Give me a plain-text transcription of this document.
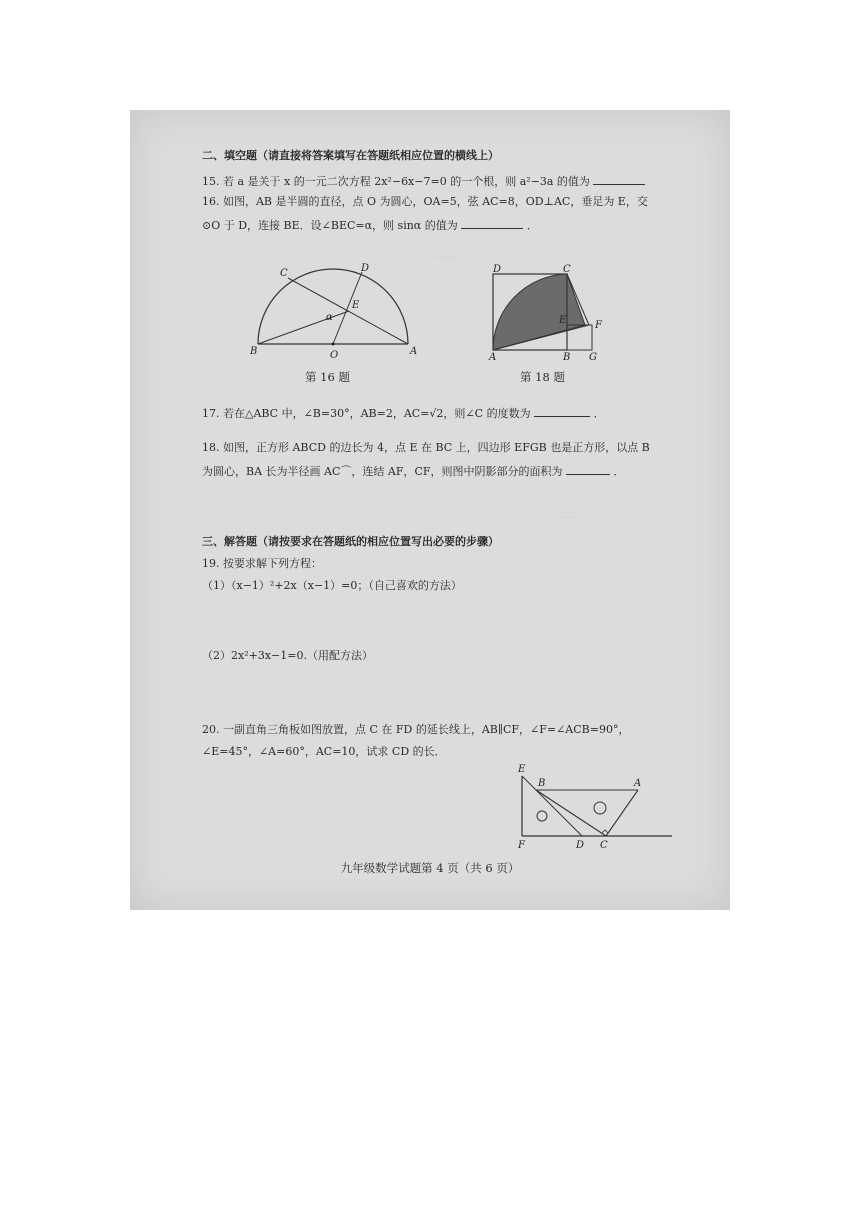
‥ ‥ ‥
‥ ‥ ‥ ‥
二、填空题（请直接将答案填写在答题纸相应位置的横线上）
15. 若 a 是关于 x 的一元二次方程 2x²−6x−7=0 的一个根，则 a²−3a 的值为
16. 如图，AB 是半圆的直径，点 O 为圆心，OA=5，弦 AC=8，OD⊥AC，垂足为 E，交
⊙O 于 D，连接 BE．设∠BEC=α，则 sinα 的值为	．
C	D
E
α
B	O	A
第 16 题
D	C
F
E
A	B G
第 18 题
17. 若在△ABC 中，∠B=30°，AB=2，AC=√2，则∠C 的度数为	．
18. 如图，正方形 ABCD 的边长为 4，点 E 在 BC 上，四边形 EFGB 也是正方形，以点 B
为圆心，BA 长为半径画 AC⌒，连结 AF，CF，则图中阴影部分的面积为	．
三、解答题（请按要求在答题纸的相应位置写出必要的步骤）
19. 按要求解下列方程：
（1）（x−1）²+2x（x−1）=0；（自己喜欢的方法）
（2）2x²+3x−1=0.（用配方法）
20. 一副直角三角板如图放置，点 C 在 FD 的延长线上，AB∥CF，∠F=∠ACB=90°，
∠E=45°，∠A=60°，AC=10，试求 CD 的长．
E
B	A
F	D C
九年级数学试题第 4 页（共 6 页）
